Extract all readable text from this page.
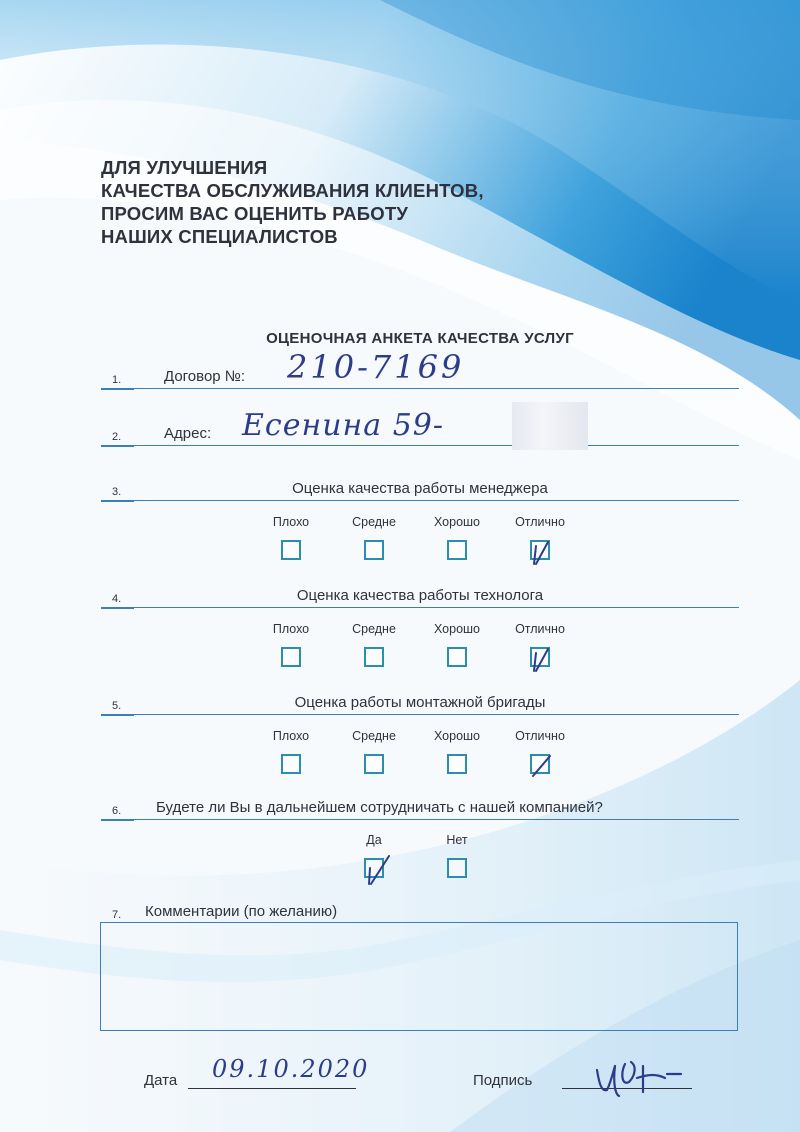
ДЛЯ УЛУЧШЕНИЯ
КАЧЕСТВА ОБСЛУЖИВАНИЯ КЛИЕНТОВ,
ПРОСИМ ВАС ОЦЕНИТЬ РАБОТУ
НАШИХ СПЕЦИАЛИСТОВ
ОЦЕНОЧНАЯ АНКЕТА КАЧЕСТВА УСЛУГ
1.	Договор №: 210-7169
2.	Адрес: Есенина 59-
3.	Оценка качества работы менеджера
Плохо	Средне	Хорошо	Отлично
4.	Оценка качества работы технолога
Плохо	Средне	Хорошо	Отлично
5.	Оценка работы монтажной бригады
Плохо	Средне	Хорошо	Отлично
6. Будете ли Вы в дальнейшем сотрудничать с нашей компанией?
Да	Нет
7. Комментарии (по желанию)
Дата 09.10.2020	Подпись
